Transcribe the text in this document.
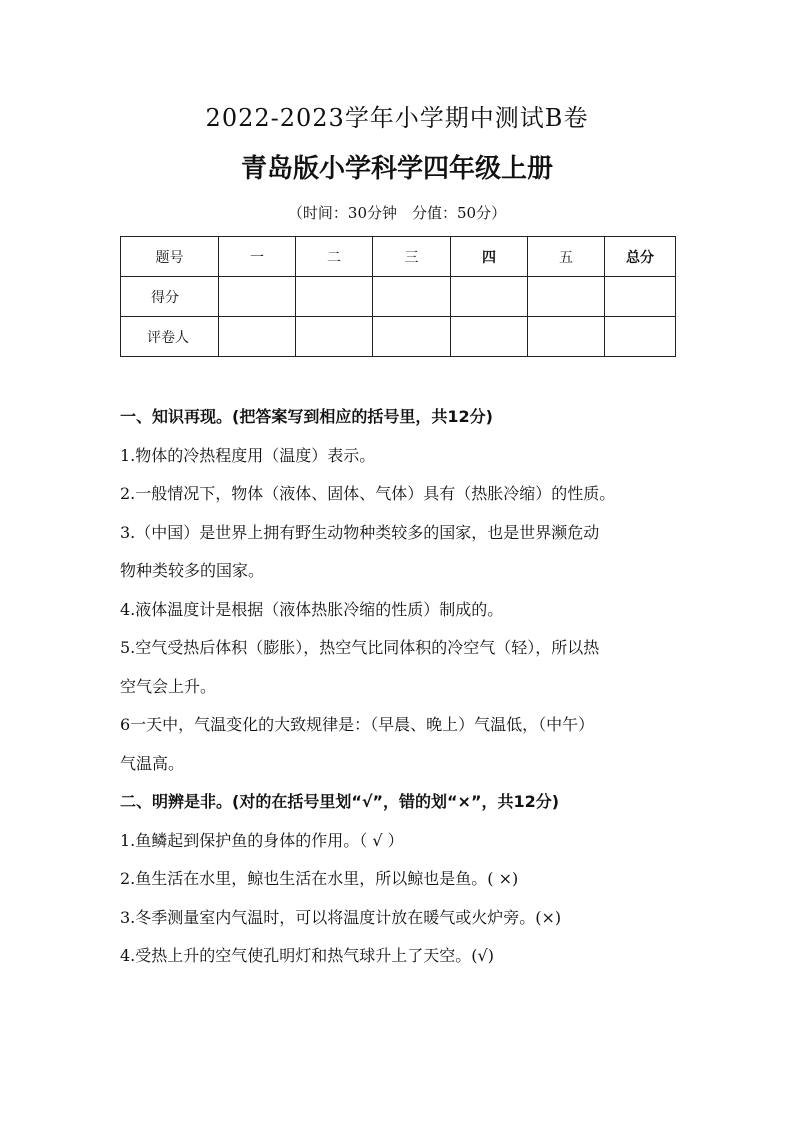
2022-2023学年小学期中测试B卷
青岛版小学科学四年级上册
（时间：30分钟　分值：50分）
题号	一	二	三	四	五	总分
得分						
评卷人						
一、知识再现。(把答案写到相应的括号里，共12分)
1.物体的冷热程度用（温度）表示。
2.一般情况下，物体（液体、固体、气体）具有（热胀冷缩）的性质。
3.（中国）是世界上拥有野生动物种类较多的国家，也是世界濒危动
物种类较多的国家。
4.液体温度计是根据（液体热胀冷缩的性质）制成的。
5.空气受热后体积（膨胀），热空气比同体积的冷空气（轻），所以热
空气会上升。
6一天中，气温变化的大致规律是：（早晨、晚上）气温低，（中午）
气温高。
二、明辨是非。(对的在括号里划“√”，错的划“×”，共12分)
1.鱼鳞起到保护鱼的身体的作用。（ √ ）
2.鱼生活在水里，鲸也生活在水里，所以鲸也是鱼。( ×)
3.冬季测量室内气温时，可以将温度计放在暖气或火炉旁。(×)
4.受热上升的空气使孔明灯和热气球升上了天空。(√)
